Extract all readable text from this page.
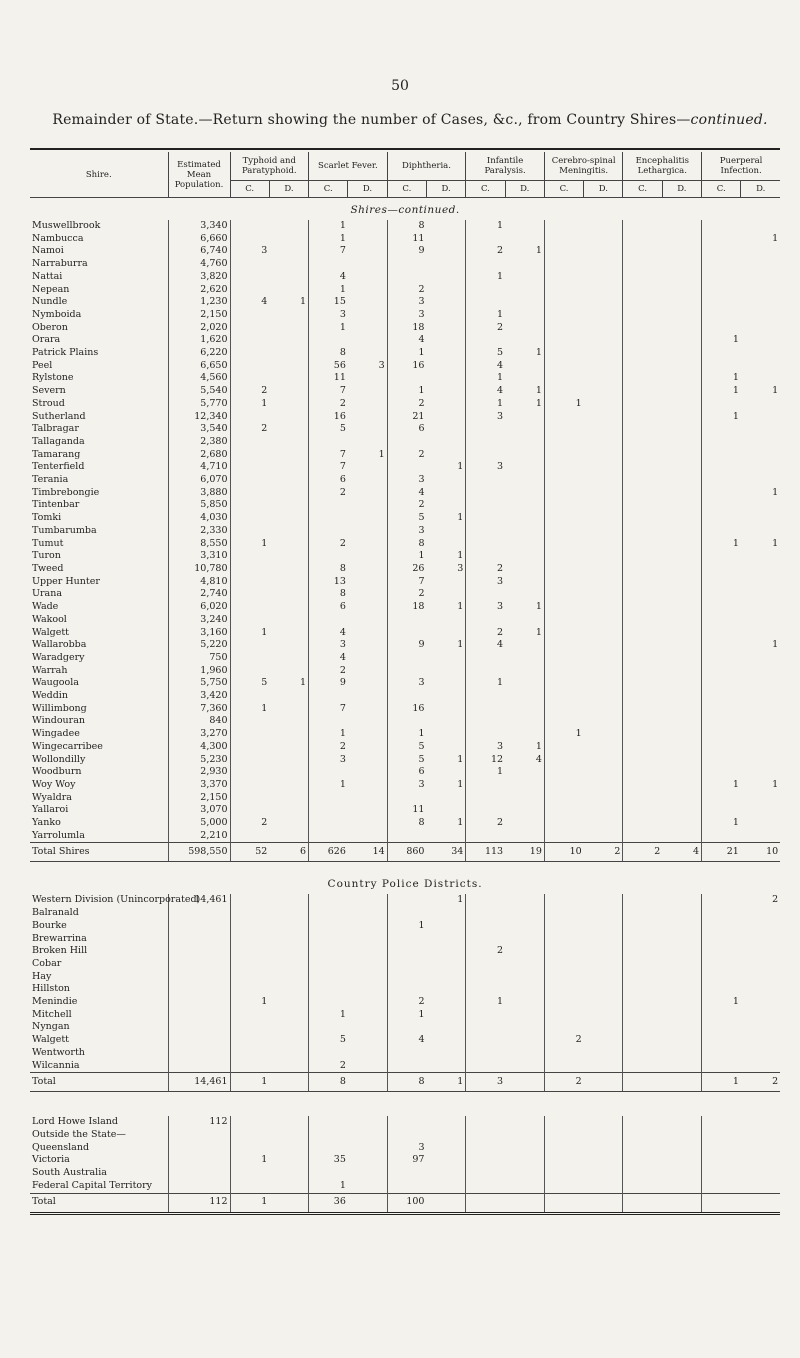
50
Remainder of State.—Return showing the number of Cases, &c., from Country Shires—continued.

Shire.	Estimated Mean Population.	Typhoid and Paratyphoid.		Scarlet Fever.		Diphtheria.		Infantile Paralysis.		Cerebro-spinal Meningitis.		Encephalitis Lethargica.		Puerperal Infection.	
		C.	D.	C.	D.	C.	D.	C.	D.	C.	D.	C.	D.	C.	D.

Shires—continued.															
Muswellbrook	3,340			1		8		1							
Nambucca	6,660			1		11									1
Namoi	6,740	3		7		9		2	1						
Narraburra	4,760														
Nattai	3,820			4				1							
Nepean	2,620			1		2									
Nundle	1,230	4	1	15		3									
Nymboida	2,150			3		3		1							
Oberon	2,020			1		18		2							
Orara	1,620					4								1	
Patrick Plains	6,220			8		1		5	1						
Peel	6,650			56	3	16		4							
Rylstone	4,560			11				1						1	
Severn	5,540	2		7		1		4	1					1	1
Stroud	5,770	1		2		2		1	1	1					
Sutherland	12,340			16		21		3						1	
Talbragar	3,540	2		5		6									
Tallaganda	2,380														
Tamarang	2,680			7	1	2									
Tenterfield	4,710			7			1	3							
Terania	6,070			6		3									
Timbrebongie	3,880			2		4									1
Tintenbar	5,850					2									
Tomki	4,030					5	1								
Tumbarumba	2,330					3									
Tumut	8,550	1		2		8								1	1
Turon	3,310					1	1								
Tweed	10,780			8		26	3	2							
Upper Hunter	4,810			13		7		3							
Urana	2,740			8		2									
Wade	6,020			6		18	1	3	1						
Wakool	3,240														
Walgett	3,160	1		4				2	1						
Wallarobba	5,220			3		9	1	4							1
Waradgery	750			4											
Warrah	1,960			2											
Waugoola	5,750	5	1	9		3		1							
Weddin	3,420														
Willimbong	7,360	1		7		16									
Windouran	840														
Wingadee	3,270			1		1				1					
Wingecarribee	4,300			2		5		3	1						
Wollondilly	5,230			3		5	1	12	4						
Woodburn	2,930					6		1							
Woy Woy	3,370			1		3	1							1	1
Wyaldra	2,150														
Yallaroi	3,070					11									
Yanko	5,000	2				8	1	2						1	
Yarrolumla	2,210														
Total Shires	598,550	52	6	626	14	860	34	113	19	10	2	2	4	21	10

Country Police Districts.															
Western Division (Unincorporated)	14,461						1								2
Balranald															
Bourke						1									
Brewarrina															
Broken Hill								2							
Cobar															
Hay															
Hillston															
Menindie		1				2		1						1	
Mitchell				1		1									
Nyngan															
Walgett				5		4				2					
Wentworth															
Wilcannia				2											
Total	14,461	1		8		8	1	3		2				1	2

Lord Howe Island	112														
Outside the State—															
Queensland						3									
Victoria		1		35		97									
South Australia															
Federal Capital Territory				1											
Total	112	1		36		100									
